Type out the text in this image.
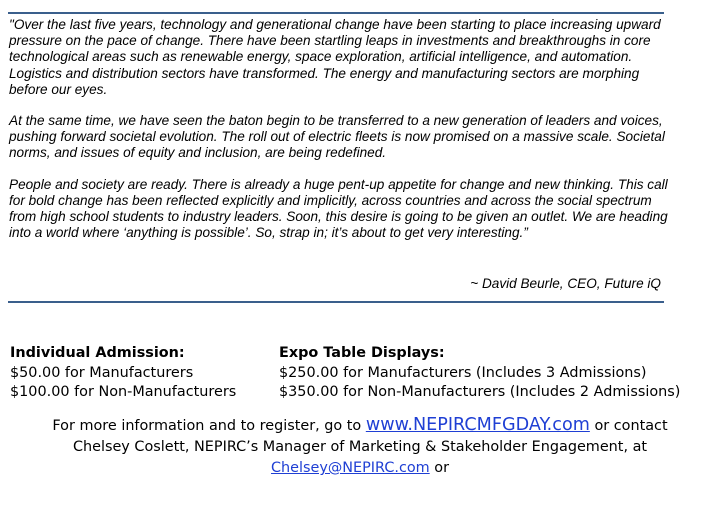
"Over the last five years, technology and generational change have been starting to place increasing upward pressure on the pace of change. There have been startling leaps in investments and breakthroughs in core technological areas such as renewable energy, space exploration, artificial intelligence, and automation. Logistics and distribution sectors have transformed. The energy and manufacturing sectors are morphing before our eyes.

At the same time, we have seen the baton begin to be transferred to a new generation of leaders and voices, pushing forward societal evolution. The roll out of electric fleets is now promised on a massive scale. Societal norms, and issues of equity and inclusion, are being redefined.

People and society are ready. There is already a huge pent-up appetite for change and new thinking. This call for bold change has been reflected explicitly and implicitly, across countries and across the social spectrum from high school students to industry leaders. Soon, this desire is going to be given an outlet. We are heading into a world where ‘anything is possible’. So, strap in; it’s about to get very interesting.”

~ David Beurle, CEO, Future iQ
Individual Admission:
$50.00 for Manufacturers
$100.00 for Non-Manufacturers
Expo Table Displays:
$250.00 for Manufacturers (Includes 3 Admissions)
$350.00 for Non-Manufacturers (Includes 2 Admissions)
For more information and to register, go to www.NEPIRCMFGDAY.com or contact
Chelsey Coslett, NEPIRC’s Manager of Marketing & Stakeholder Engagement, at
Chelsey@NEPIRC.com or
